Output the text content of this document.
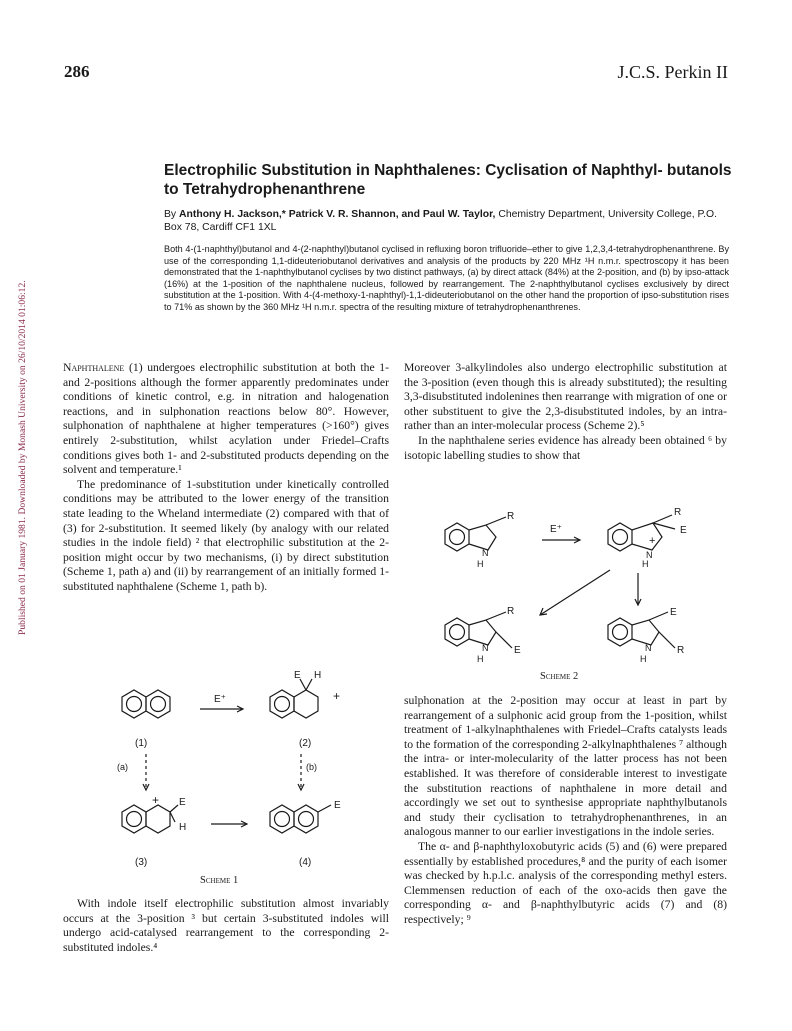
286	J.C.S. Perkin II
Published on 01 January 1981. Downloaded by Monash University on 26/10/2014 01:06:12.
Electrophilic Substitution in Naphthalenes: Cyclisation of Naphthyl- butanols to Tetrahydrophenanthrene
By Anthony H. Jackson,* Patrick V. R. Shannon, and Paul W. Taylor, Chemistry Department, University College, P.O. Box 78, Cardiff CF1 1XL
Both 4-(1-naphthyl)butanol and 4-(2-naphthyl)butanol cyclised in refluxing boron trifluoride–ether to give 1,2,3,4-tetrahydrophenanthrene. By use of the corresponding 1,1-dideuteriobutanol derivatives and analysis of the products by 220 MHz ¹H n.m.r. spectroscopy it has been demonstrated that the 1-naphthylbutanol cyclises by two distinct pathways, (a) by direct attack (84%) at the 2-position, and (b) by ipso-attack (16%) at the 1-position of the naphthalene nucleus, followed by rearrangement. The 2-naphthylbutanol cyclises exclusively by direct substitution at the 1-position. With 4-(4-methoxy-1-naphthyl)-1,1-dideuteriobutanol on the other hand the proportion of ipso-substitution rises to 71% as shown by the 360 MHz ¹H n.m.r. spectra of the resulting mixture of tetrahydrophenanthrenes.

Naphthalene (1) undergoes electrophilic substitution at both the 1- and 2-positions although the former apparently predominates under conditions of kinetic control, e.g. in nitration and halogenation reactions, and in sulphonation reactions below 80°. However, sulphonation of naphthalene at higher temperatures (>160°) gives entirely 2-substitution, whilst acylation under Friedel–Crafts conditions gives both 1- and 2-substituted products depending on the solvent and temperature.¹

The predominance of 1-substitution under kinetically controlled conditions may be attributed to the lower energy of the transition state leading to the Wheland intermediate (2) compared with that of (3) for 2-substitution. It seemed likely (by analogy with our related studies in the indole field) ² that electrophilic substitution at the 2-position might occur by two mechanisms, (i) by direct substitution (Scheme 1, path a) and (ii) by rearrangement of an initially formed 1-substituted naphthalene (Scheme 1, path b).

Moreover 3-alkylindoles also undergo electrophilic substitution at the 3-position (even though this is already substituted); the resulting 3,3-disubstituted indolenines then rearrange with migration of one or other substituent to give the 2,3-disubstituted indoles, by an intra- rather than an inter-molecular process (Scheme 2).⁵

In the naphthalene series evidence has already been obtained ⁶ by isotopic labelling studies to show that

With indole itself electrophilic substitution almost invariably occurs at the 3-position ³ but certain 3-substituted indoles will undergo acid-catalysed rearrangement to the corresponding 2-substituted indoles.⁴

sulphonation at the 2-position may occur at least in part by rearrangement of a sulphonic acid group from the 1-position, whilst treatment of 1-alkylnaphthalenes with Friedel–Crafts catalysts leads to the formation of the corresponding 2-alkylnaphthalenes ⁷ although the intra- or inter-molecularity of the latter process has not been established. It was therefore of considerable interest to investigate the substitution reactions of naphthalene in more detail and accordingly we set out to synthesise appropriate naphthylbutanols and study their cyclisation to tetrahydrophenanthrenes, in an analogous manner to our earlier investigations in the indole series.

The α- and β-naphthyloxobutyric acids (5) and (6) were prepared essentially by established procedures,⁸ and the purity of each isomer was checked by h.p.l.c. analysis of the corresponding methyl esters. Clemmensen reduction of each of the oxo-acids then gave the corresponding α- and β-naphthylbutyric acids (7) and (8) respectively; ⁹

E⁺
E H
+
(1)	(2)
(a)	(b)
E
H
+	E
(3)	(4)
Scheme 1
R
N
H
E⁺
R
E
+
N
H
R
E
N
H
E
R
N
H
Scheme 2
